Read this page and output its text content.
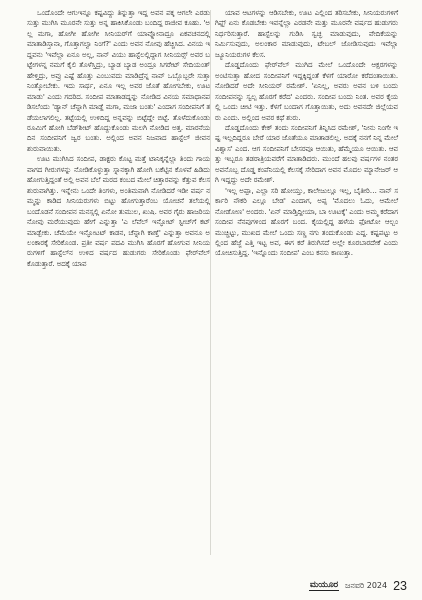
ಒಂದೊಂದೇ ಆಗುಇನ್ನೂ ಕಷ್ಟವಿದ್ದು ತಿನ್ನುತ್ತಾ ಇದ್ದ ಅವನ ಪಕ್ಕ ಆಗಲೇ ಎರಡು ಸುತ್ತು ಮುಗಿಸಿ ಮೂರನೇ ಸುತ್ತು ಅನ್ನ ಹಾಕಿಸಿಕೊಂಡು ಬಂದಿದ್ದ ರಾಜೀವ ಕೂಹು. 'ಅಲ್ಲ ಮಗಾ, ಹೋಗೀ ಹೋಗೀ ಸೀನಿಯರ್‌ಗೆ ಯಾವ್ನೋನಾದ್ರೂ ಏಕವಚನದಲ್ಲಿ ಮಾತಾಡಿಸ್ತಾನಾ, ಗೊತ್ತಾಗಲ್ವಾ ನಿಂಗೆ?' ಎಂದು ಅವನ ನೋವು ಹೆಚ್ಚಿಸಿದ. ವಿನಯ ಇದ್ದವನು 'ಇವೆಲ್ಲಾ ಏನೂ ಅಲ್ಲ, ನಾನ್ ವಿಯು ಹಾಸ್ಟೆಲಲ್ಲಿದ್ದಾಗ ಸೀನಿಯರ್‍ಸ್ ಅವರ ಬಟ್ಟೇಗಳನ್ನ ನಮಗೆ ಕೈಲಿ ತೊಳೆಸ್ತಿದ್ರು, ಬ್ಯಾಡ ಬ್ಯಾಡ ಅಂದ್ರೂ ಸಿಗರೇಟ್ ಸೇದಿಯಂತ್ ಹೇಳ್ತಿದ್ರು, ಅವ್ರು ಎಷ್ಟೆ ಹೊತ್ತು ಎಂಬುವದು ಮಾಡಿದ್ರೆನ್ನ ನಾವ್ ಒಬ್ಬೊಬ್ಬರೇ ಸುತ್ತಾ ನಿಂತ್ಕೋಬೇಕು. ಇದು ಸಾರ್ಥ, ಏನೂ ಇಲ್ಲ ಅವರ ಜೊತೆ ಹೋಗಬೇಕು, ಊಟ ಮಾಡು' ಎಂದು ಗದರಿದ. ಸಂದೀಪ ಮಾತಾಡದ್ನನ್ನು ನೋಡಿದ ವಿನಯ ಸಮಾಧಾನಪಡಿಸಲೆಂದು 'ಡ್ಯಾನ್ ಚೆನ್ನಾಗಿ ಮಾಡ್ದೆ ಮಗಾ, ಮಜಾ ಬಂತು' ಎಂದಾಗ ಸಂದೀಪನಿಗೆ ತಡೆಯಲಾಗಲಿಲ್ಲ. ತಟ್ಟೆಯಲ್ಲಿ ಉಳಿದಿದ್ದ ಅನ್ನವನ್ನು ಬಿಟ್ಟೆದ್ದೇ ಬಿಟ್ಟೆ. ತೊಳೆದುಕೊಂಡು ರೂಮಿಗೆ ಹೋಗಿ ಬೆಡ್‌ಶೀಟ್ ಹೊದ್ದುಕೊಂಡು ಮಲಗಿ ನೋಡಿದ ಅತ್ತ. ಮಾರನೆಯ ದಿನ ಸಂದೀಪನಿಗೆ ಜ್ವರ ಬಂತು. ಅಲ್ಲಿಂದ ಅವನ ನಿಜವಾದ ಹಾಸ್ಟೆಲ್ ಜೀವನ ಶುರುವಾಯಿತು.

ಊಟ ಮುಗಿಸಿದ ಸಂದೀಪ, ಡಾಕ್ಟರು ಕೊಟ್ಟ ಮತ್ತೆ ಟಾನಿಕ್ಕನ್ನೆಲ್ಲಾ ತಿಂದು ಗಾಯವಾಗದ ಗೀರುಗಳನ್ನು ನೋಡಿಕೊಳ್ಳುತ್ತಾ ಸ್ನಾನಕ್ಕಾಗಿ ಹೋಗಿ ಬಕೆಟ್ಟಿನ ಕೊಳವೆ ಹಿಡಿದು ಹೋಗುತ್ತಿದ್ದಂತೆ ಅಲ್ಲಿ ಅವನ ಬೆಲೆ ಮರದ ಕಂಬದ ಮೇಲೆ ಚಿತ್ತಾರವನ್ನು ಕೆತ್ತುವ ಕೆಲಸ ಶುರುವಾಗಿತ್ತು. ಇನ್ನೇನು ಒಂದೇ ತಿಂಗಳು, ಅಂತಿಮವಾಗಿ ನೋಡಿದರೆ ಇಡೀ ವರ್ಷ ನಮ್ಮನ್ನು ಕಾಡಿದ ಸೀನಿಯರುಗಳು ಬಿಟ್ಟು ಹೋಗುತ್ತಾರೆಂಬ ಯೋಚನೆ ತಲೆಯಲ್ಲಿ ಬಂದೊಡನೆ ಸಂದೀಪನ ಮನಸ್ಸಲ್ಲಿ ಏನೋ ತುಮುಲ, ಖುಷಿ. ಅವರ ಗೈರು ಹಾಜರಿಯ ನೋವು ಮರೆಯುವುದು ಹೇಗೆ ಎನ್ನುತ್ತಾ 'ಎ ಲೆವೆಲ್ ಇನ್ಫೋಟ್ ಸ್ಟೀಚ್‌ಗೆ ಕಟ್ ಮಾಡ್ಬೇಕು. ಚೆಮೆಯೇ ಇನ್ಫೋಟಟ್ ಕಾಡನ, ಚೆನ್ನಾಗಿ ಕಾಣ್ತೆ' ಎನ್ನುತ್ತಾ ಅವನೂ ಅಲಂಕಾರಕ್ಕೆ ಸೇರಿಕೊಂಡ. ಪ್ರತೀ ವರ್ಷ ಪದವಿ ಮುಗಿಸಿ ಹೊರಗೆ ಹೋಗುವ ಸೀನಿಯರುಗಳಿಗೆ ಹಾಸ್ಟೆಲ್‌ನ ಉಳಿದ ವರ್ಷದ ಹುಡುಗರು ಸೇರಿಕೊಂಡು ಫೇರ್‌ವೆಲ್ ಕೊಡುತ್ತಾರೆ. ಅದಕ್ಕೆ ಯಾವ

ಯಾವ ಆಟಗಳನ್ನು ಆಡಿಸಬೇಕು, ಊಟ ಎಲ್ಲಿಂದ ತರಿಸಬೇಕು, ಸೀನಿಯರುಗಳಿಗೆ ಗಿಫ್ಟ್ ಏನು ಕೊಡಬೇಕು ಇವನ್ನೆಲ್ಲಾ ಎರಡನೇ ಮತ್ತು ಮೂರನೇ ವರ್ಷದ ಹುಡುಗರು ನಿರ್ಧರಿಸುತ್ತಾರೆ. ಹಾಸ್ಟೆಲನ್ನು ಗುಡಿಸಿ ಸ್ವಚ್ಛ ಮಾಡುವುದು, ವೇದಿಕೆಯನ್ನು ನಿರ್ಮಿಸುವುದು, ಅಲಂಕಾರ ಮಾಡುವುದು, ಟೇಬಲ್ ಜೋಡಿಸುವುದು ಇವೆಲ್ಲಾ ಜ್ಯೂನಿಯರುಗಳ ಕೆಲಸ.

ದೊಡ್ಡದೊಂದು ಫೇರ್‌ವೆಲ್ ಮುಗಿದ ಮೇಲೆ ಒಂದೊಂದೇ ಆಕ್ಷರಗಳನ್ನು ಅಂಟಿಸುತ್ತಾ ಹೋದ ಸಂದೀಪನಿಗೆ ಇದ್ದಕ್ಕಿದ್ದಂತೆ ಕೆಳಗೆ ಯಾರೋ ಕರೆದಂತಾಯಿತು. ನೋಡಿದರೆ ಅದೇ ಸೀನಿಯರ್ ರಮೇಶ್. 'ಏನಿಲ್ಲ, ಅವರು ಅವನ ಬಳಿ ಬಂದು ಸಂದೀಪನನ್ನು ಸ್ವಲ್ಪ ಹೊರಗೆ ಕರೆದ' ಎಂದರು. ಸಂದೀಪ ಬಂದು ನಿಂತ. ಅವರ ಕೈಯಲ್ಲಿ ಒಂದು ಚೀಟಿ ಇತ್ತು. ಕೆಳಗೆ ಬಂದಾಗ ಗೊತ್ತಾಯಿತು, ಅದು ಅವನದೇ ಜಿಲ್ಲೆಯವರು ಎಂದು. ಅಲ್ಲಿಂದ ಅವರ ಕಥೆ ಶುರು.

ದೊಡ್ಡದೊಂದು ಕೇಕ್ ತಂದು ಸಂದೀಪನಿಗೆ ತಿನ್ನಿಸಿದ ರಮೇಶ್, 'ನೀನು ನಿಂಗೇ ಇಷ್ಟ ಇಲ್ಲದಿದ್ದರೂ ಬೇರೆ ಯಾರ ಜೊತೆಯೂ ಮಾತಾಡಲಿಲ್ಲ. ಅದಕ್ಕೆ ನನಗೆ ನಿನ್ನ ಮೇಲೆ ವಿಶ್ವಾಸ' ಎಂದ. ಆಗ ಸಂದೀಪನಿಗೆ ಬೇಸರವೂ ಆಯಿತು, ಹೆಮ್ಮೆಯೂ ಆಯಿತು. ಆವತ್ತು ಇಬ್ಬರೂ ತಡರಾತ್ರಿಯವರೆಗೆ ಮಾತಾಡಿದರು. ಮುಂದೆ ಹಲವು ವರ್ಷಗಳ ನಂತರ ಅವನೊಬ್ಬ ದೊಡ್ಡ ಕಂಪೆನಿಯಲ್ಲಿ ಕೆಲಸಕ್ಕೆ ಸೇರಿದಾಗ ಅವನ ಮೊದಲ ಮ್ಯಾನೇಜರ್ ಆಗಿ ಇದ್ದದ್ದು ಅದೇ ರಮೇಶ್.

'ಇಲ್ಲ ಅಪ್ಪಾ, ಎಲ್ಲಾ ಸರಿ ಹೋಯ್ತು, ಕಾಲೇಜುಲ್ಲೂ ಇಲ್ಲ, ಬೈತೀರಿ… ನಾನ್ ಸರ್ಕಾರಿ ನೌಕರಿ ಎಲ್ಲೂ ಬೇಡ' ಎಂದಾಗ, ಅಪ್ಪ 'ಮೊದಲು ಓದು, ಆಮೇಲೆ ನೋಡೋಣ' ಅಂದರು. 'ಏನ್ ಮಾಡ್ತಿದ್ದೀಯಾ, ಬಾ ಊಟಕ್ಕೆ' ಎಂದು ಅಮ್ಮ ಕರೆದಾಗ ಸಂದೀಪ ನೆನಪುಗಳಿಂದ ಹೊರಗೆ ಬಂದ. ಕೈಯಲ್ಲಿದ್ದ ಹಳೆಯ ಫೋಟೋ ಆಲ್ಬಂ ಮುಚ್ಚಿಟ್ಟು, ಮುಖದ ಮೇಲೆ ಒಂದು ಸಣ್ಣ ನಗು ತಂದುಕೊಂಡು ಎದ್ದ. ಕಷ್ಟಪಟ್ಟು ಅಲ್ಲಿಂದ ಹೆಜ್ಜೆ ಎತ್ತಿ ಇಟ್ಟ ಅವ, ಈಗ ಕರೆ ತಿರುಗಿಸದೆ ಅಲ್ಲೇ ಕೂರಬಾರದೇಕೆ ಎಂದು ಯೋಚಿಸುತ್ತಿದ್ದ. 'ಇನ್ನೊಂದು ಸಂದೀಪ' ಎಂಬ ಕನಸು ಕಾಣುತ್ತಾ.

ಮಯೂರ ಜನವರಿ 2024 23
